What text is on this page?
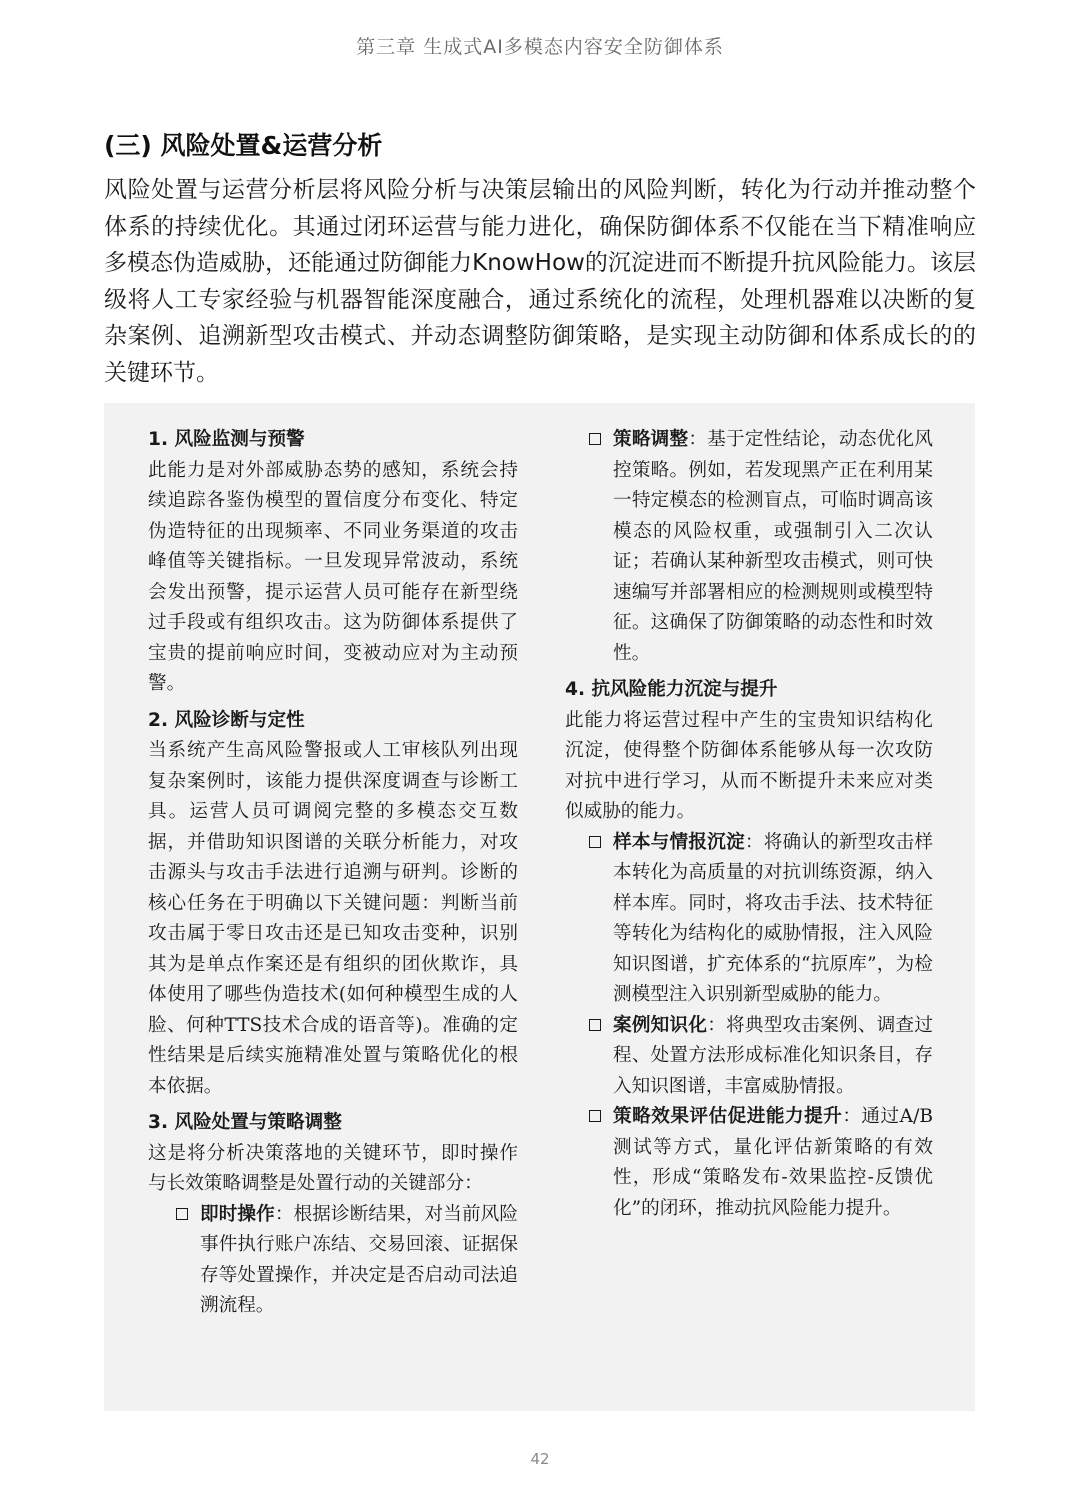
第三章 生成式AI多模态内容安全防御体系
(三) 风险处置&运营分析
风险处置与运营分析层将风险分析与决策层输出的风险判断，转化为行动并推动整个体系的持续优化。其通过闭环运营与能力进化，确保防御体系不仅能在当下精准响应多模态伪造威胁，还能通过防御能力KnowHow的沉淀进而不断提升抗风险能力。该层级将人工专家经验与机器智能深度融合，通过系统化的流程，处理机器难以决断的复杂案例、追溯新型攻击模式、并动态调整防御策略，是实现主动防御和体系成长的的关键环节。
1. 风险监测与预警
此能力是对外部威胁态势的感知，系统会持续追踪各鉴伪模型的置信度分布变化、特定伪造特征的出现频率、不同业务渠道的攻击峰值等关键指标。一旦发现异常波动，系统会发出预警，提示运营人员可能存在新型绕过手段或有组织攻击。这为防御体系提供了宝贵的提前响应时间，变被动应对为主动预警。
2. 风险诊断与定性
当系统产生高风险警报或人工审核队列出现复杂案例时，该能力提供深度调查与诊断工具。运营人员可调阅完整的多模态交互数据，并借助知识图谱的关联分析能力，对攻击源头与攻击手法进行追溯与研判。诊断的核心任务在于明确以下关键问题：判断当前攻击属于零日攻击还是已知攻击变种，识别其为是单点作案还是有组织的团伙欺诈，具体使用了哪些伪造技术(如何种模型生成的人脸、何种TTS技术合成的语音等)。准确的定性结果是后续实施精准处置与策略优化的根本依据。
3. 风险处置与策略调整
这是将分析决策落地的关键环节，即时操作与长效策略调整是处置行动的关键部分：
即时操作：根据诊断结果，对当前风险事件执行账户冻结、交易回滚、证据保存等处置操作，并决定是否启动司法追溯流程。
策略调整：基于定性结论，动态优化风控策略。例如，若发现黑产正在利用某一特定模态的检测盲点，可临时调高该模态的风险权重，或强制引入二次认证；若确认某种新型攻击模式，则可快速编写并部署相应的检测规则或模型特征。这确保了防御策略的动态性和时效性。
4. 抗风险能力沉淀与提升
此能力将运营过程中产生的宝贵知识结构化沉淀，使得整个防御体系能够从每一次攻防对抗中进行学习，从而不断提升未来应对类似威胁的能力。
样本与情报沉淀：将确认的新型攻击样本转化为高质量的对抗训练资源，纳入样本库。同时，将攻击手法、技术特征等转化为结构化的威胁情报，注入风险知识图谱，扩充体系的“抗原库”，为检测模型注入识别新型威胁的能力。
案例知识化：将典型攻击案例、调查过程、处置方法形成标准化知识条目，存入知识图谱，丰富威胁情报。
策略效果评估促进能力提升：通过A/B测试等方式，量化评估新策略的有效性，形成“策略发布-效果监控-反馈优化”的闭环，推动抗风险能力提升。
42
